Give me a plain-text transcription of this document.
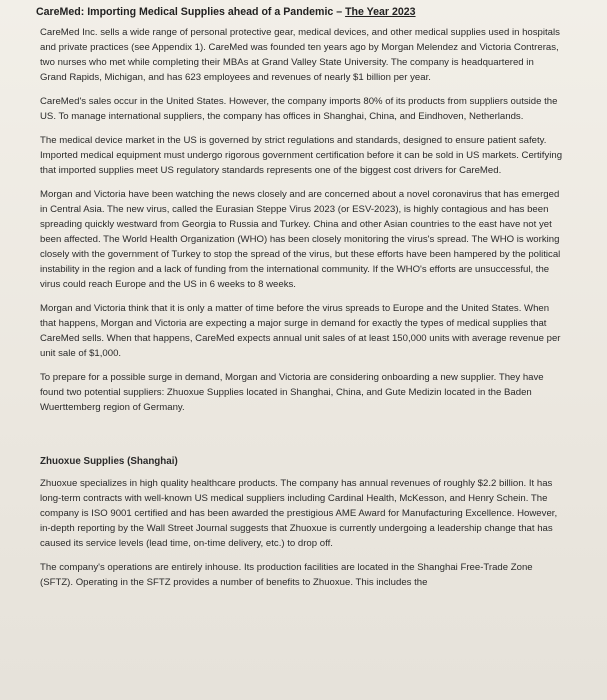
CareMed: Importing Medical Supplies ahead of a Pandemic – The Year 2023

CareMed Inc. sells a wide range of personal protective gear, medical devices, and other medical supplies used in hospitals and private practices (see Appendix 1). CareMed was founded ten years ago by Morgan Melendez and Victoria Contreras, two nurses who met while completing their MBAs at Grand Valley State University. The company is headquartered in Grand Rapids, Michigan, and has 623 employees and revenues of nearly $1 billion per year.

CareMed's sales occur in the United States. However, the company imports 80% of its products from suppliers outside the US. To manage international suppliers, the company has offices in Shanghai, China, and Eindhoven, Netherlands.

The medical device market in the US is governed by strict regulations and standards, designed to ensure patient safety. Imported medical equipment must undergo rigorous government certification before it can be sold in US markets. Certifying that imported supplies meet US regulatory standards represents one of the biggest cost drivers for CareMed.

Morgan and Victoria have been watching the news closely and are concerned about a novel coronavirus that has emerged in Central Asia. The new virus, called the Eurasian Steppe Virus 2023 (or ESV-2023), is highly contagious and has been spreading quickly westward from Georgia to Russia and Turkey. China and other Asian countries to the east have not yet been affected. The World Health Organization (WHO) has been closely monitoring the virus's spread. The WHO is working closely with the government of Turkey to stop the spread of the virus, but these efforts have been hampered by the political instability in the region and a lack of funding from the international community. If the WHO's efforts are unsuccessful, the virus could reach Europe and the US in 6 weeks to 8 weeks.

Morgan and Victoria think that it is only a matter of time before the virus spreads to Europe and the United States. When that happens, Morgan and Victoria are expecting a major surge in demand for exactly the types of medical supplies that CareMed sells. When that happens, CareMed expects annual unit sales of at least 150,000 units with average revenue per unit sale of $1,000.

To prepare for a possible surge in demand, Morgan and Victoria are considering onboarding a new supplier. They have found two potential suppliers: Zhuoxue Supplies located in Shanghai, China, and Gute Medizin located in the Baden Wuerttemberg region of Germany.

Zhuoxue Supplies (Shanghai)

Zhuoxue specializes in high quality healthcare products. The company has annual revenues of roughly $2.2 billion. It has long-term contracts with well-known US medical suppliers including Cardinal Health, McKesson, and Henry Schein. The company is ISO 9001 certified and has been awarded the prestigious AME Award for Manufacturing Excellence. However, in-depth reporting by the Wall Street Journal suggests that Zhuoxue is currently undergoing a leadership change that has caused its service levels (lead time, on-time delivery, etc.) to drop off.

The company's operations are entirely inhouse. Its production facilities are located in the Shanghai Free-Trade Zone (SFTZ). Operating in the SFTZ provides a number of benefits to Zhuoxue. This includes the
